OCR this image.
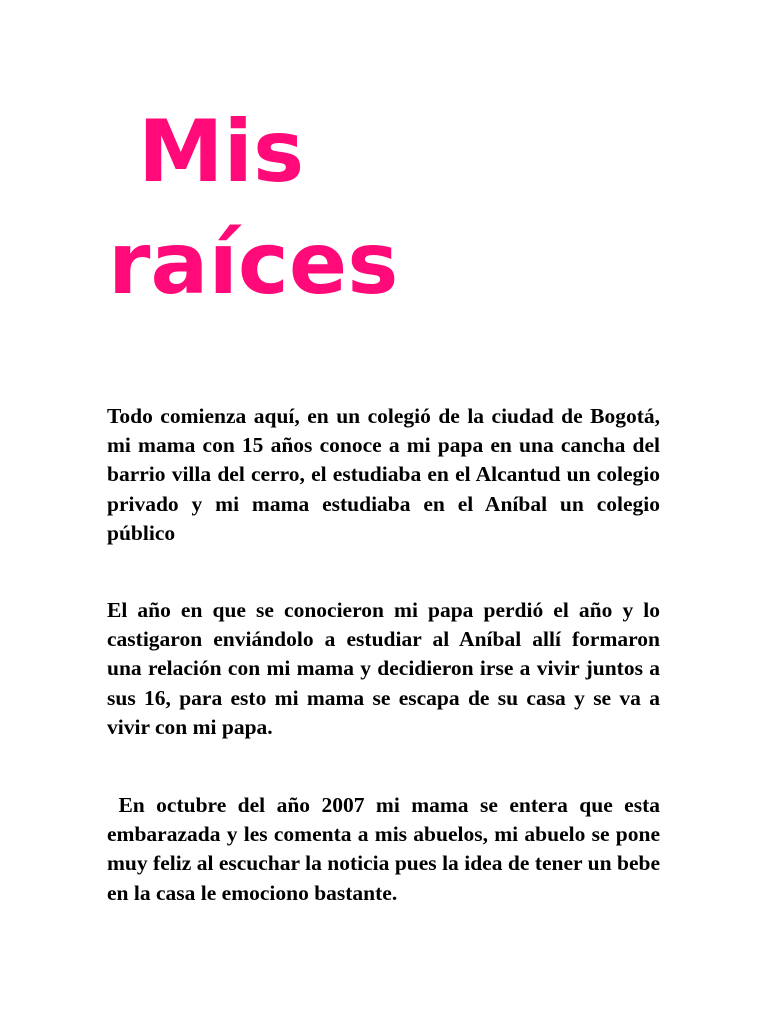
Mis
raíces

Todo comienza aquí, en un colegió de la ciudad de Bogotá, mi mama con 15 años conoce a mi papa en una cancha del barrio villa del cerro, el estudiaba en el Alcantud un colegio privado y mi mama estudiaba en el Aníbal un colegio público

El año en que se conocieron mi papa perdió el año y lo castigaron enviándolo a estudiar al Aníbal allí formaron una relación con mi mama y decidieron irse a vivir juntos a sus 16, para esto mi mama se escapa de su casa y se va a vivir con mi papa.

En octubre del año 2007 mi mama se entera que esta embarazada y les comenta a mis abuelos, mi abuelo se pone muy feliz al escuchar la noticia pues la idea de tener un bebe en la casa le emociono bastante.
